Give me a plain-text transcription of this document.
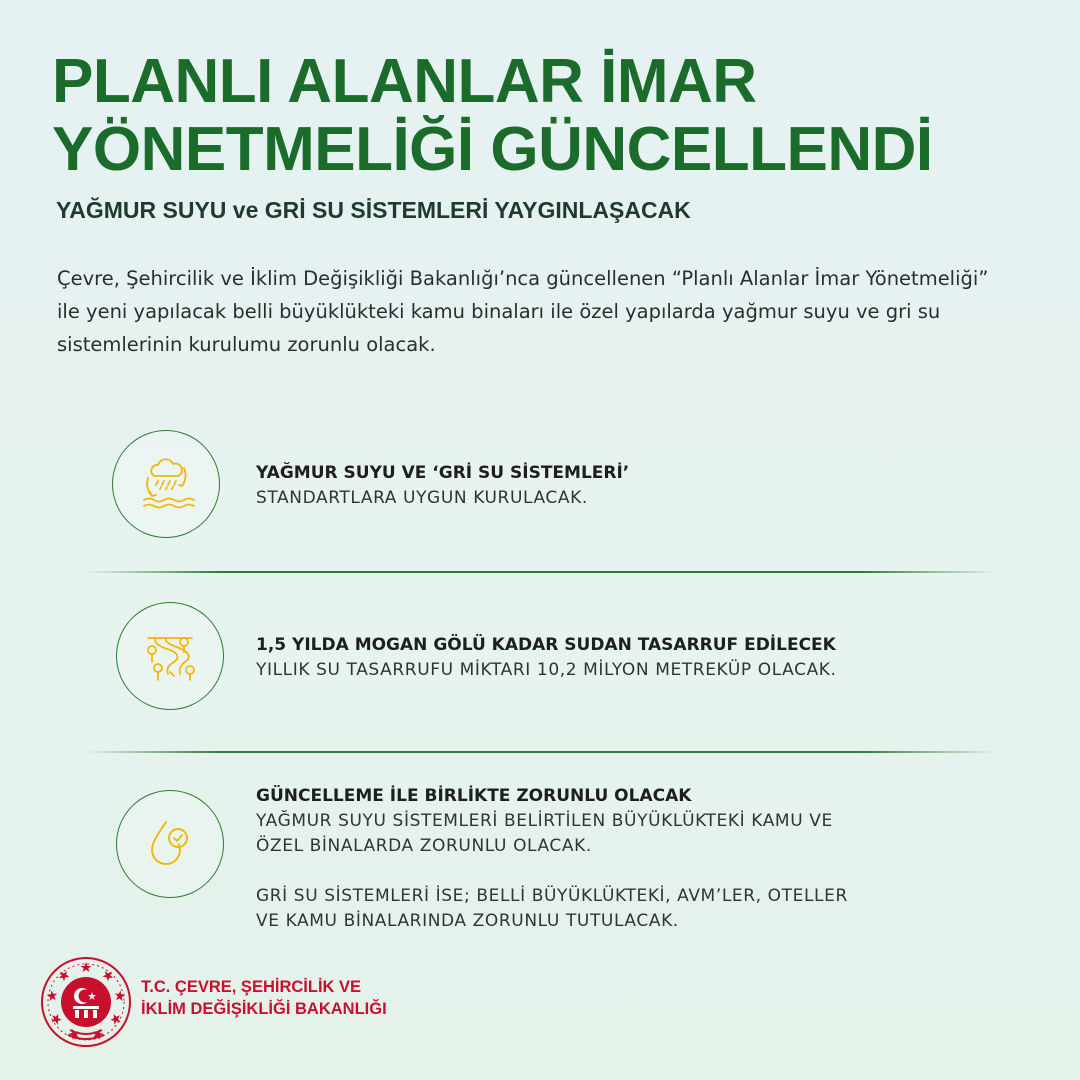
PLANLI ALANLAR İMAR
YÖNETMELİĞİ GÜNCELLENDİ
YAĞMUR SUYU ve GRİ SU SİSTEMLERİ YAYGINLAŞACAK

Çevre, Şehircilik ve İklim Değişikliği Bakanlığı’nca güncellenen “Planlı Alanlar İmar Yönetmeliği” ile yeni yapılacak belli büyüklükteki kamu binaları ile özel yapılarda yağmur suyu ve gri su sistemlerinin kurulumu zorunlu olacak.

YAĞMUR SUYU VE ‘GRİ SU SİSTEMLERİ’
STANDARTLARA UYGUN KURULACAK.
1,5 YILDA MOGAN GÖLÜ KADAR SUDAN TASARRUF EDİLECEK
YILLIK SU TASARRUFU MİKTARI 10,2 MİLYON METREKÜP OLACAK.
GÜNCELLEME İLE BİRLİKTE ZORUNLU OLACAK
YAĞMUR SUYU SİSTEMLERİ BELİRTİLEN BÜYÜKLÜKTEKİ KAMU VE
ÖZEL BİNALARDA ZORUNLU OLACAK.
GRİ SU SİSTEMLERİ İSE; BELLİ BÜYÜKLÜKTEKİ, AVM’LER, OTELLER
VE KAMU BİNALARINDA ZORUNLU TUTULACAK.
T.C. ÇEVRE, ŞEHİRCİLİK VE
İKLİM DEĞİŞİKLİĞİ BAKANLIĞI
